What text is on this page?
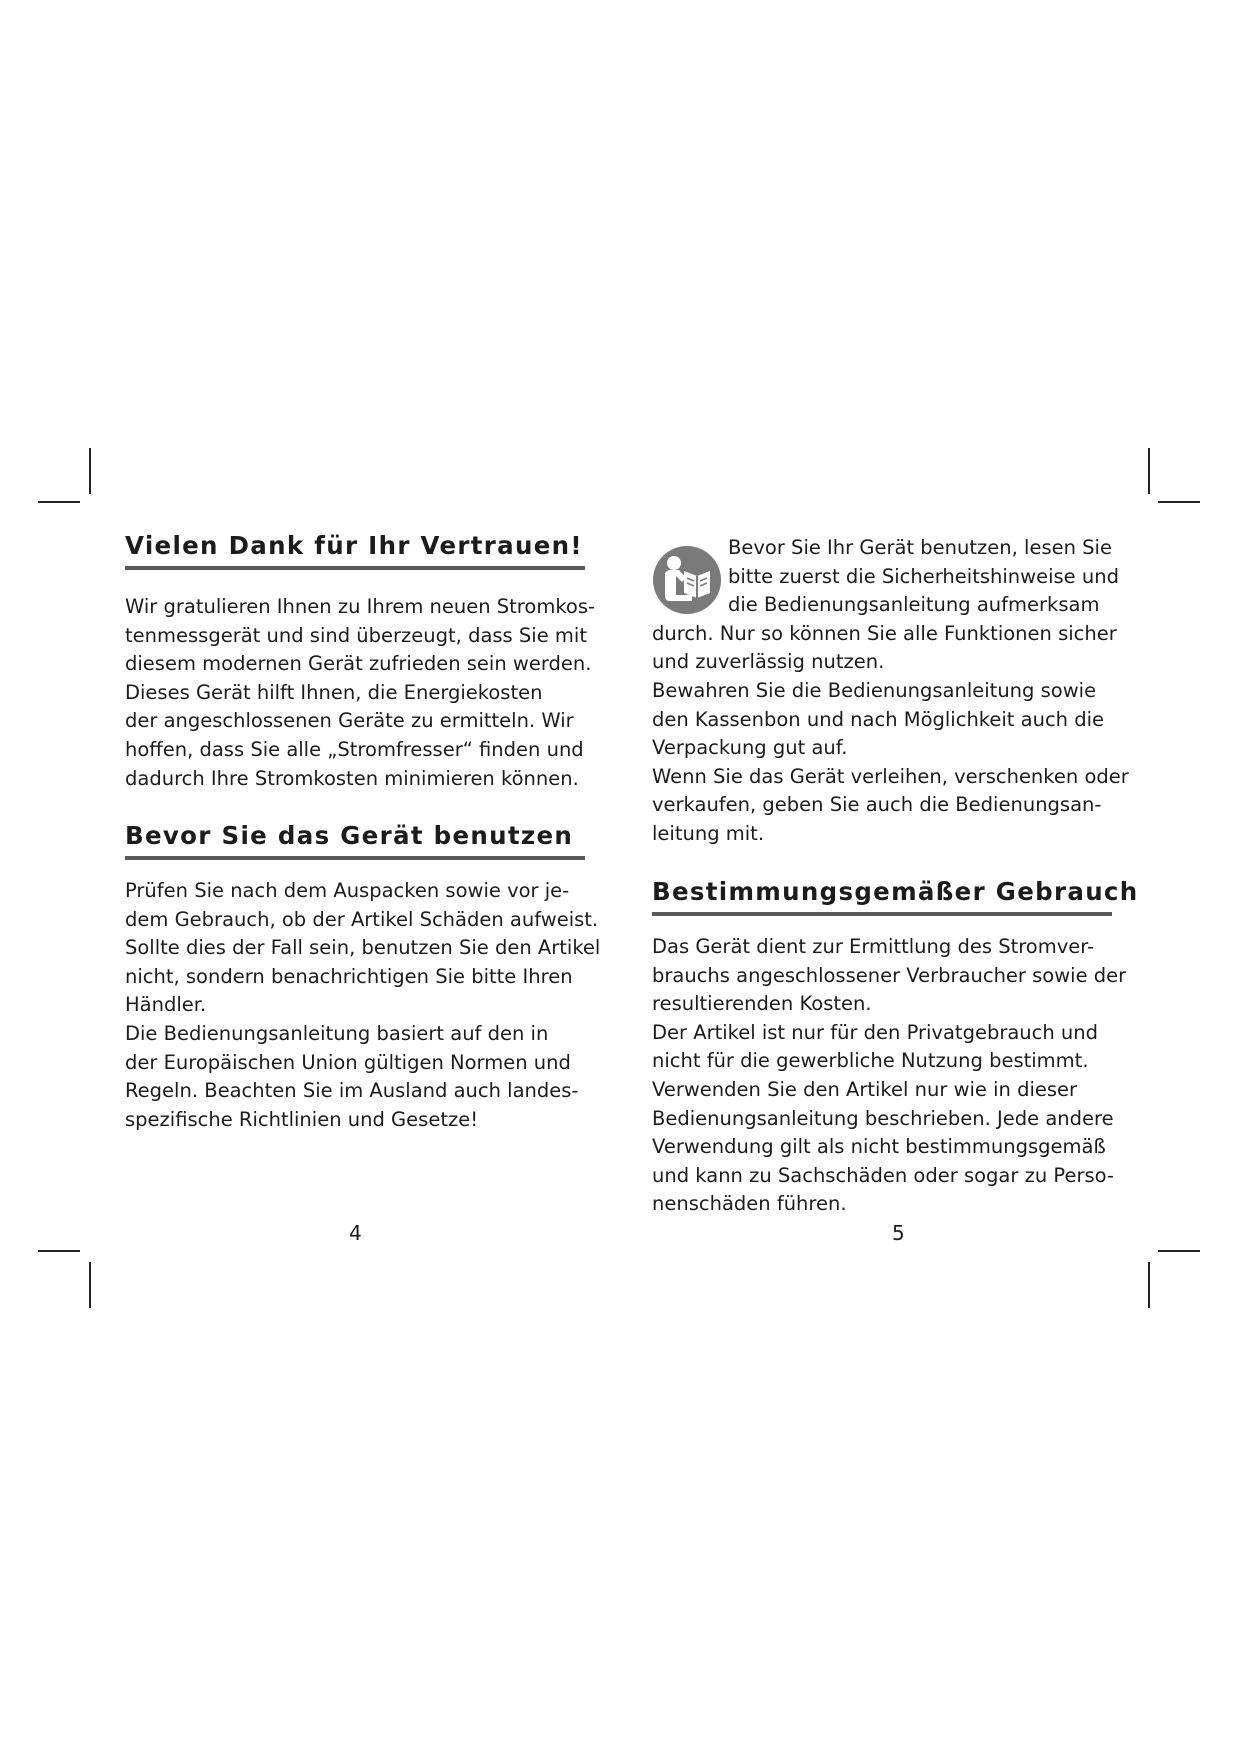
Vielen Dank für Ihr Vertrauen!
Wir gratulieren Ihnen zu Ihrem neuen Stromkos-
tenmessgerät und sind überzeugt, dass Sie mit
diesem modernen Gerät zufrieden sein werden.
Dieses Gerät hilft Ihnen, die Energiekosten
der angeschlossenen Geräte zu ermitteln. Wir
hoffen, dass Sie alle „Stromfresser“ finden und
dadurch Ihre Stromkosten minimieren können.
Bevor Sie das Gerät benutzen
Prüfen Sie nach dem Auspacken sowie vor je-
dem Gebrauch, ob der Artikel Schäden aufweist.
Sollte dies der Fall sein, benutzen Sie den Artikel
nicht, sondern benachrichtigen Sie bitte Ihren
Händler.
Die Bedienungsanleitung basiert auf den in
der Europäischen Union gültigen Normen und
Regeln. Beachten Sie im Ausland auch landes-
spezifische Richtlinien und Gesetze!
4
Bevor Sie Ihr Gerät benutzen, lesen Sie
bitte zuerst die Sicherheitshinweise und
die Bedienungsanleitung aufmerksam
durch. Nur so können Sie alle Funktionen sicher
und zuverlässig nutzen.
Bewahren Sie die Bedienungsanleitung sowie
den Kassenbon und nach Möglichkeit auch die
Verpackung gut auf.
Wenn Sie das Gerät verleihen, verschenken oder
verkaufen, geben Sie auch die Bedienungsan-
leitung mit.
Bestimmungsgemäßer Gebrauch
Das Gerät dient zur Ermittlung des Stromver-
brauchs angeschlossener Verbraucher sowie der
resultierenden Kosten.
Der Artikel ist nur für den Privatgebrauch und
nicht für die gewerbliche Nutzung bestimmt.
Verwenden Sie den Artikel nur wie in dieser
Bedienungsanleitung beschrieben. Jede andere
Verwendung gilt als nicht bestimmungsgemäß
und kann zu Sachschäden oder sogar zu Perso-
nenschäden führen.
5
